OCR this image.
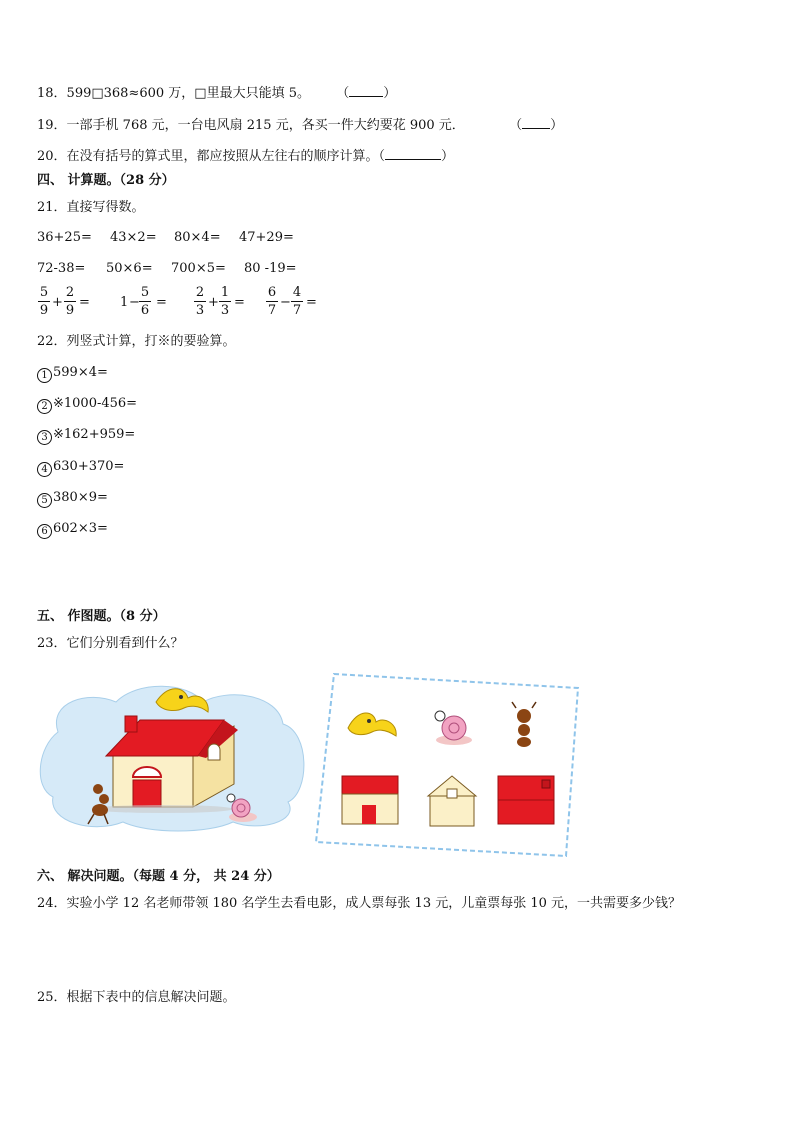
18．599□368≈600 万，□里最大只能填 5。 （	）
19．一部手机 768 元，一台电风扇 215 元，各买一件大约要花 900 元．	（ ）
20．在没有括号的算式里，都应按照从左往右的顺序计算。（	）
四、 计算题。（28 分）
21．直接写得数。
36+25= 43×2= 80×4= 47+29=
72-38= 50×6= 700×5= 80 -19=
5
9
+
2
9
= 1 −
5
6
=
2
3
+
1
3
=
6
7
−
4
7
=
22．列竖式计算，打※的要验算。
1 599×4=
2 ※1000-456=
3 ※162+959=
4 630+370=
5 380×9=
6 602×3=
五、 作图题。（8 分）
23．它们分别看到什么？
六、 解决问题。（每题 4 分， 共 24 分）
24．实验小学 12 名老师带领 180 名学生去看电影，成人票每张 13 元，儿童票每张 10 元，一共需要多少钱？
25．根据下表中的信息解决问题。
